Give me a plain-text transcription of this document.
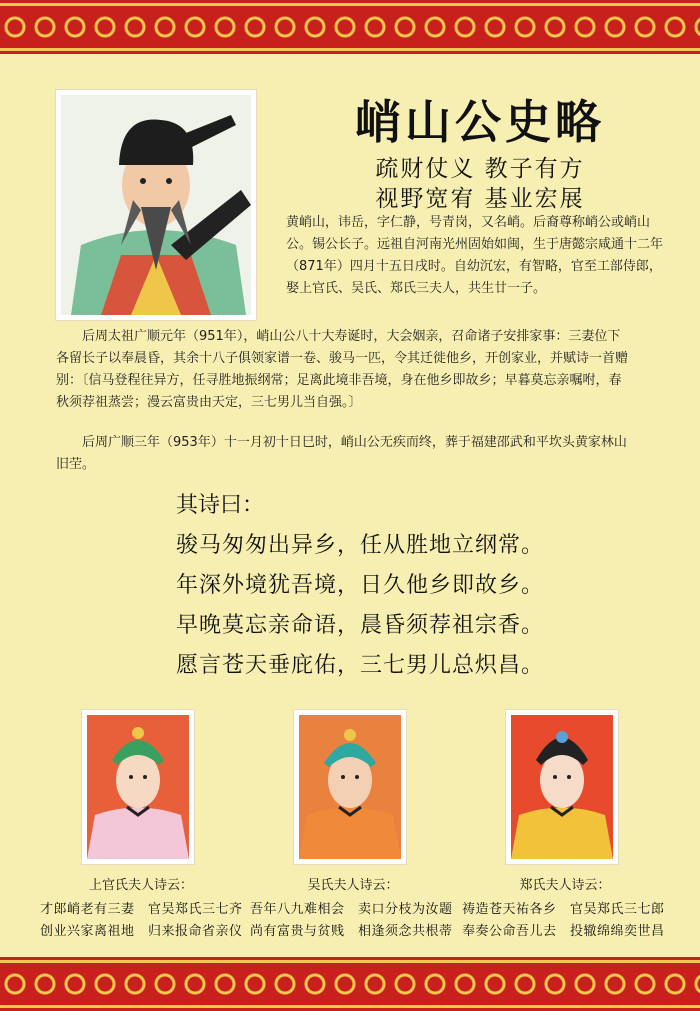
峭山公史略
疏财仗义 教子有方
视野宽宥 基业宏展

黄峭山，讳岳，字仁静，号青岗，又名峭。后裔尊称峭公或峭山公。锡公长子。远祖自河南光州固始如闽，生于唐懿宗咸通十二年（871年）四月十五日戌时。自幼沉宏，有智略，官至工部侍郎，娶上官氏、吴氏、郑氏三夫人，共生廿一子。

后周太祖广顺元年（951年），峭山公八十大寿诞时，大会姻亲，召命诸子安排家事：三妻位下各留长子以奉晨昏，其余十八子俱领家谱一卷、骏马一匹，令其迁徙他乡，开创家业，并赋诗一首赠别：〔信马登程往异方，任寻胜地振纲常；足离此境非吾境，身在他乡即故乡；早暮莫忘亲嘱咐，春秋须荐祖蒸尝；漫云富贵由天定，三七男儿当自强。〕

后周广顺三年（953年）十一月初十日巳时，峭山公无疾而终，葬于福建邵武和平坎头黄家林山旧茔。

其诗曰：
骏马匆匆出异乡，任从胜地立纲常。
年深外境犹吾境，日久他乡即故乡。
早晚莫忘亲命语，晨昏须荐祖宗香。
愿言苍天垂庇佑，三七男儿总炽昌。
上官氏夫人诗云：	吴氏夫人诗云：	郑氏夫人诗云：
才郎峭老有三妻　官吴郑氏三七齐
创业兴家离祖地　归来报命省亲仪
吾年八九难相会　卖口分枝为汝题
尚有富贵与贫贱　相逢须念共根蒂
祷造苍天祐各乡　官吴郑氏三七郎
奉奏公命吾儿去　投辙绵绵奕世昌
